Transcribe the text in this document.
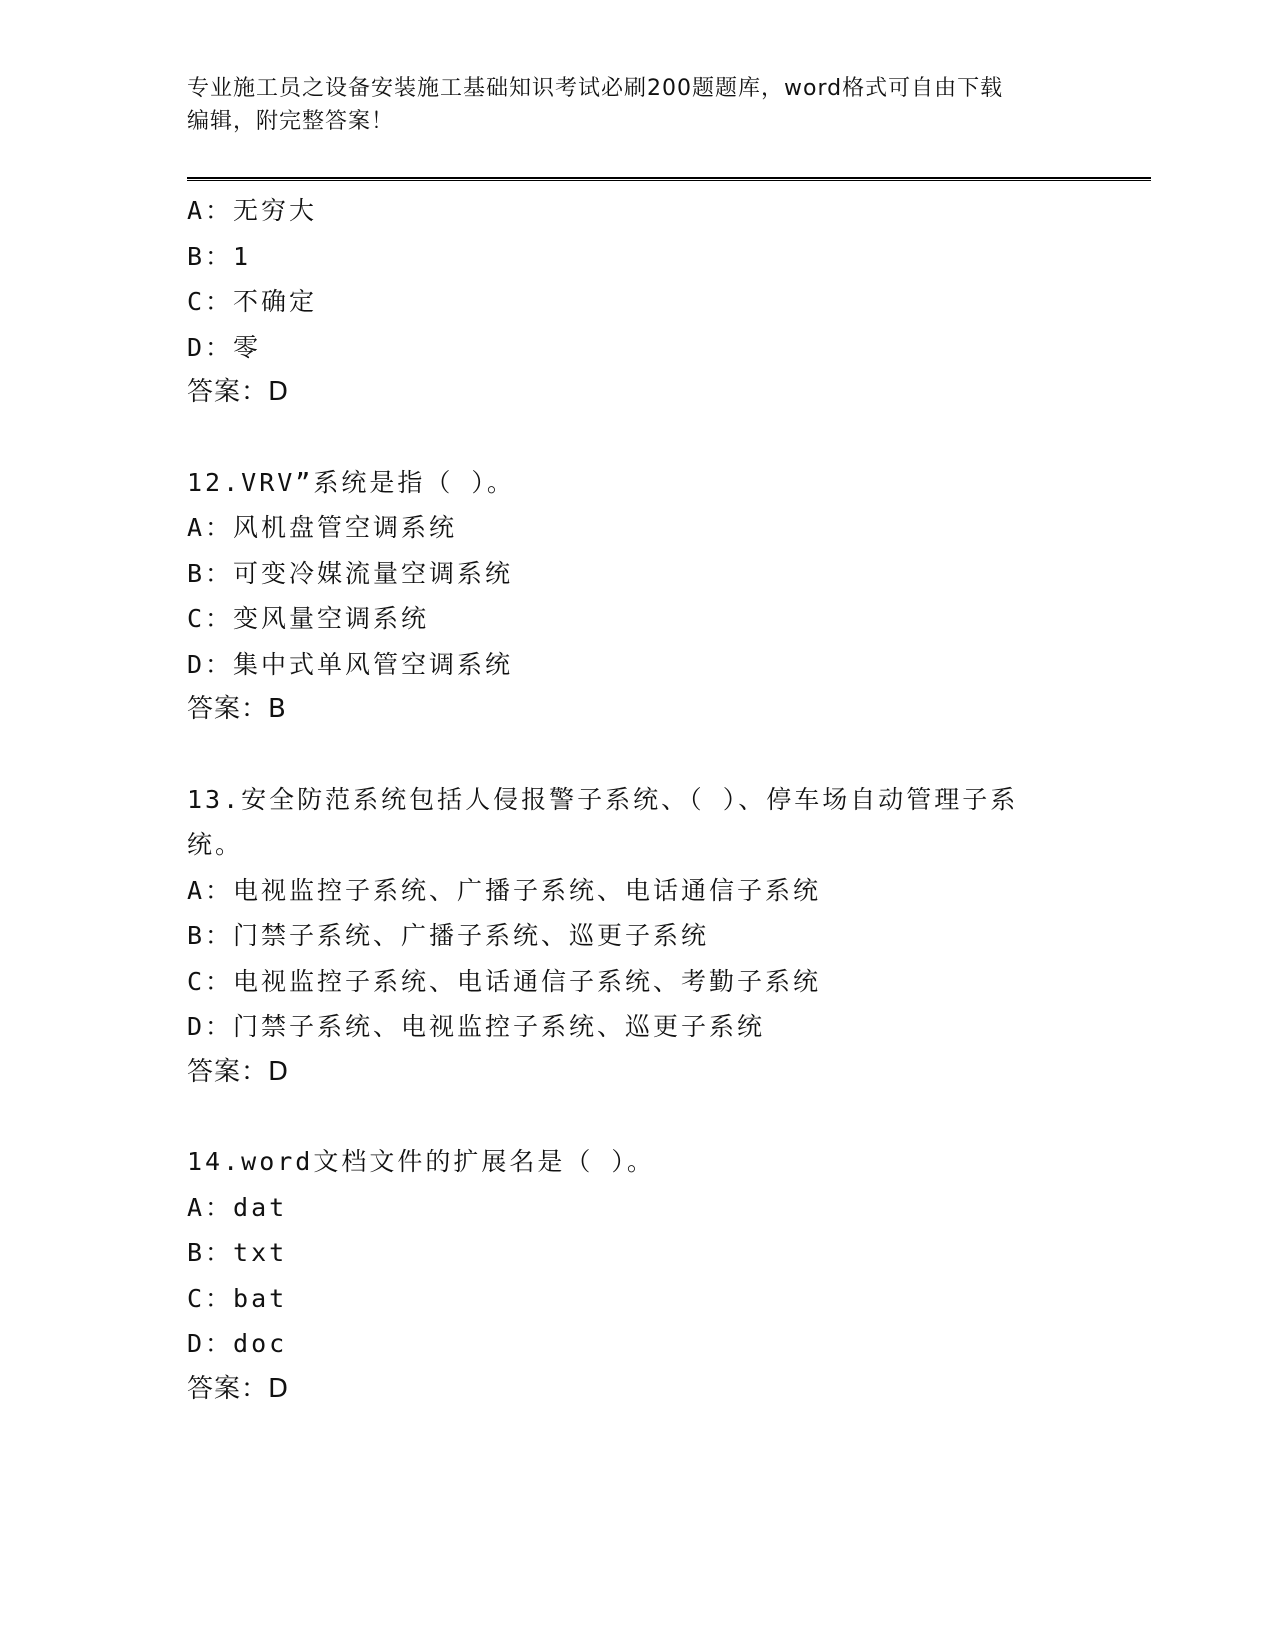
专业施工员之设备安装施工基础知识考试必刷200题题库，word格式可自由下载
编辑，附完整答案！
A：无穷大
B：1
C：不确定
D：零
答案：D
12.VRV”系统是指（ ）。
A：风机盘管空调系统
B：可变冷媒流量空调系统
C：变风量空调系统
D：集中式单风管空调系统
答案：B
13.安全防范系统包括人侵报警子系统、（ ）、停车场自动管理子系
统。
A：电视监控子系统、广播子系统、电话通信子系统
B：门禁子系统、广播子系统、巡更子系统
C：电视监控子系统、电话通信子系统、考勤子系统
D：门禁子系统、电视监控子系统、巡更子系统
答案：D
14.word文档文件的扩展名是（ ）。
A：dat
B：txt
C：bat
D：doc
答案：D
